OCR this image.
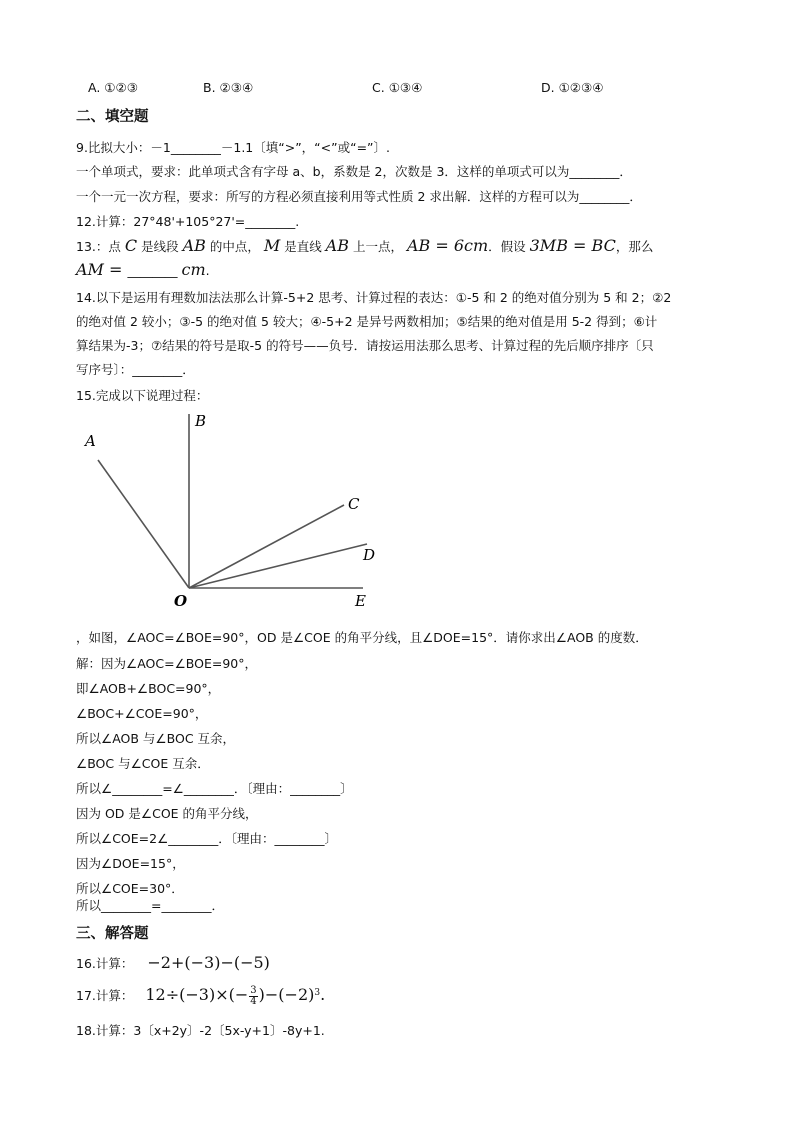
A. ①②③	B. ②③④	C. ①③④	D. ①②③④
二、填空题
9.比拟大小：－1________－1.1〔填“>”，“<”或“=”〕.
一个单项式，要求：此单项式含有字母 a、b，系数是 2，次数是 3．这样的单项式可以为________．
一个一元一次方程，要求：所写的方程必须直接利用等式性质 2 求出解．这样的方程可以为________．
12.计算：27°48'+105°27'=________.
13.：点 C 是线段 AB 的中点， M 是直线 AB 上一点， AB = 6cm．假设 3MB = BC，那么
AM = ________ cm.
14.以下是运用有理数加法法那么计算-5+2 思考、计算过程的表达：①-5 和 2 的绝对值分别为 5 和 2；②2
的绝对值 2 较小；③-5 的绝对值 5 较大；④-5+2 是异号两数相加；⑤结果的绝对值是用 5-2 得到；⑥计
算结果为-3；⑦结果的符号是取-5 的符号——负号．请按运用法那么思考、计算过程的先后顺序排序〔只
写序号〕：________．
15.完成以下说理过程：
A
B
C
D
O	E
，如图，∠AOC=∠BOE=90°，OD 是∠COE 的角平分线，且∠DOE=15°．请你求出∠AOB 的度数．
解：因为∠AOC=∠BOE=90°，
即∠AOB+∠BOC=90°，
∠BOC+∠COE=90°，
所以∠AOB 与∠BOC 互余，
∠BOC 与∠COE 互余．
所以∠________=∠________．〔理由：________〕
因为 OD 是∠COE 的角平分线，
所以∠COE=2∠________．〔理由：________〕
因为∠DOE=15°，
所以∠COE=30°．
所以________=________．
三、解答题
16.计算： −2+(−3)−(−5)
17.计算： $12\div(-3)\times(- \frac{3}{4} )-(-2)^3$.
18.计算：3〔x+2y〕-2〔5x-y+1〕-8y+1.
